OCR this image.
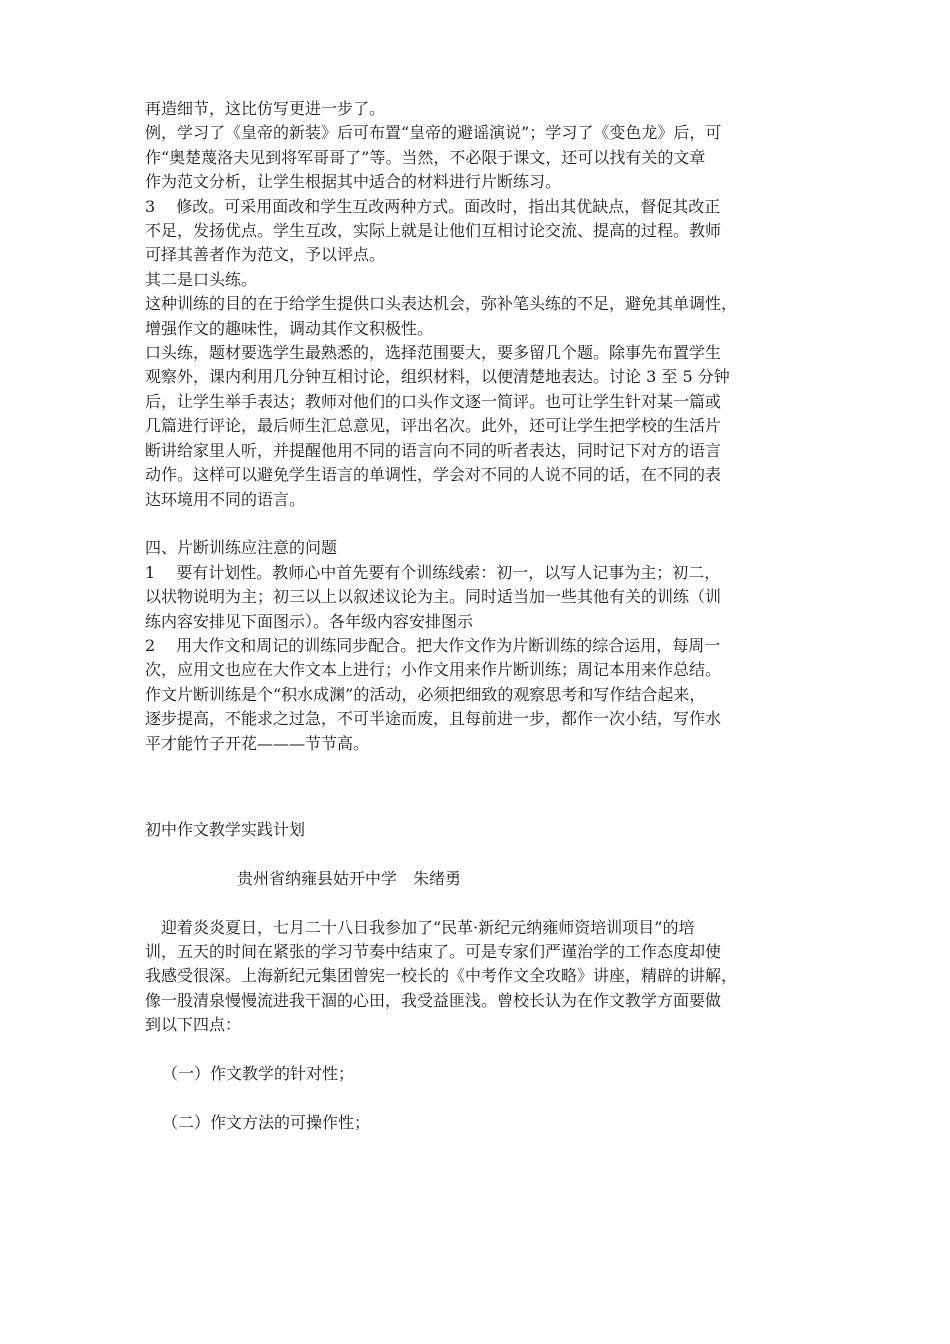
再造细节，这比仿写更进一步了。

例，学习了《皇帝的新装》后可布置“皇帝的避谣演说”；学习了《变色龙》后，可

作“奥楚蔑洛夫见到将军哥哥了”等。当然，不必限于课文，还可以找有关的文章

作为范文分析，让学生根据其中适合的材料进行片断练习。

3　 修改。可采用面改和学生互改两种方式。面改时，指出其优缺点，督促其改正

不足，发扬优点。学生互改，实际上就是让他们互相讨论交流、提高的过程。教师

可择其善者作为范文，予以评点。

其二是口头练。

这种训练的目的在于给学生提供口头表达机会，弥补笔头练的不足，避免其单调性，

增强作文的趣味性，调动其作文积极性。

口头练，题材要选学生最熟悉的，选择范围要大，要多留几个题。除事先布置学生

观察外，课内利用几分钟互相讨论，组织材料，以便清楚地表达。讨论 3 至 5 分钟

后，让学生举手表达；教师对他们的口头作文逐一简评。也可让学生针对某一篇或

几篇进行评论，最后师生汇总意见，评出名次。此外，还可让学生把学校的生活片

断讲给家里人听，并提醒他用不同的语言向不同的听者表达，同时记下对方的语言

动作。这样可以避免学生语言的单调性，学会对不同的人说不同的话，在不同的表

达环境用不同的语言。

四、片断训练应注意的问题

1　 要有计划性。教师心中首先要有个训练线索：初一，以写人记事为主；初二，

以状物说明为主；初三以上以叙述议论为主。同时适当加一些其他有关的训练（训

练内容安排见下面图示）。各年级内容安排图示

2　 用大作文和周记的训练同步配合。把大作文作为片断训练的综合运用，每周一

次，应用文也应在大作文本上进行；小作文用来作片断训练；周记本用来作总结。

作文片断训练是个“积水成渊”的活动，必须把细致的观察思考和写作结合起来，

逐步提高，不能求之过急，不可半途而废，且每前进一步，都作一次小结，写作水

平才能竹子开花———节节高。

初中作文教学实践计划

贵州省纳雍县姑开中学　朱绪勇

　迎着炎炎夏日，七月二十八日我参加了“民革·新纪元纳雍师资培训项目”的培

训，五天的时间在紧张的学习节奏中结束了。可是专家们严谨治学的工作态度却使

我感受很深。上海新纪元集团曾宪一校长的《中考作文全攻略》讲座，精辟的讲解，

像一股清泉慢慢流进我干涸的心田，我受益匪浅。曾校长认为在作文教学方面要做

到以下四点：

（一）作文教学的针对性；

（二）作文方法的可操作性；
